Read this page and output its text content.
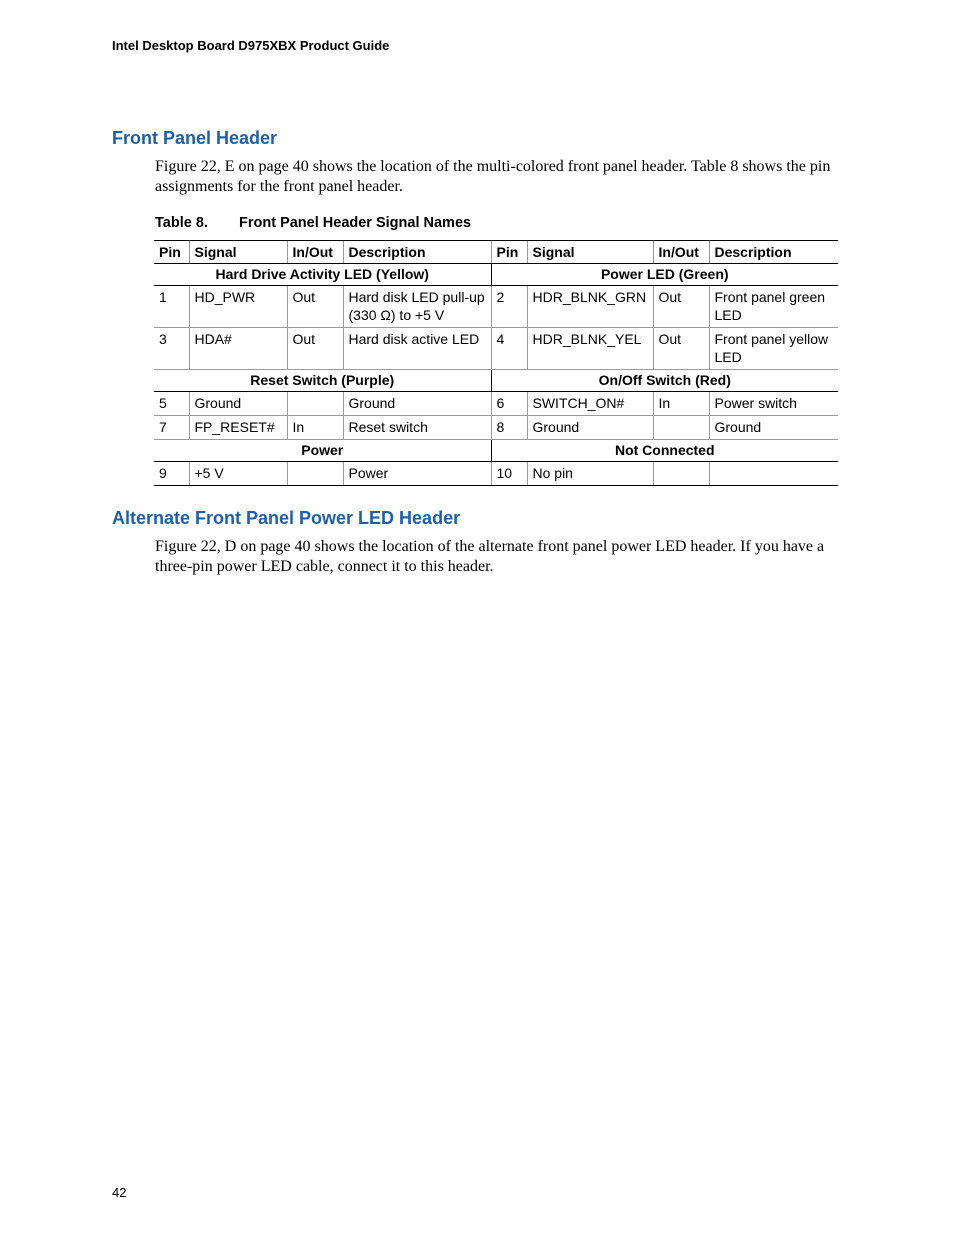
Intel Desktop Board D975XBX Product Guide
Front Panel Header
Figure 22, E on page 40 shows the location of the multi-colored front panel header. Table 8 shows the pin assignments for the front panel header.
Table 8. Front Panel Header Signal Names
Pin	Signal	In/Out	Description	Pin	Signal	In/Out	Description
Hard Drive Activity LED (Yellow)				Power LED (Green)			
1	HD_PWR	Out	Hard disk LED pull-up (330 Ω) to +5 V	2	HDR_BLNK_GRN	Out	Front panel green LED
3	HDA#	Out	Hard disk active LED	4	HDR_BLNK_YEL	Out	Front panel yellow LED
Reset Switch (Purple)				On/Off Switch (Red)			
5	Ground		Ground	6	SWITCH_ON#	In	Power switch
7	FP_RESET#	In	Reset switch	8	Ground		Ground
Power				Not Connected			
9	+5 V		Power	10	No pin		
Alternate Front Panel Power LED Header
Figure 22, D on page 40 shows the location of the alternate front panel power LED header. If you have a three-pin power LED cable, connect it to this header.
42
